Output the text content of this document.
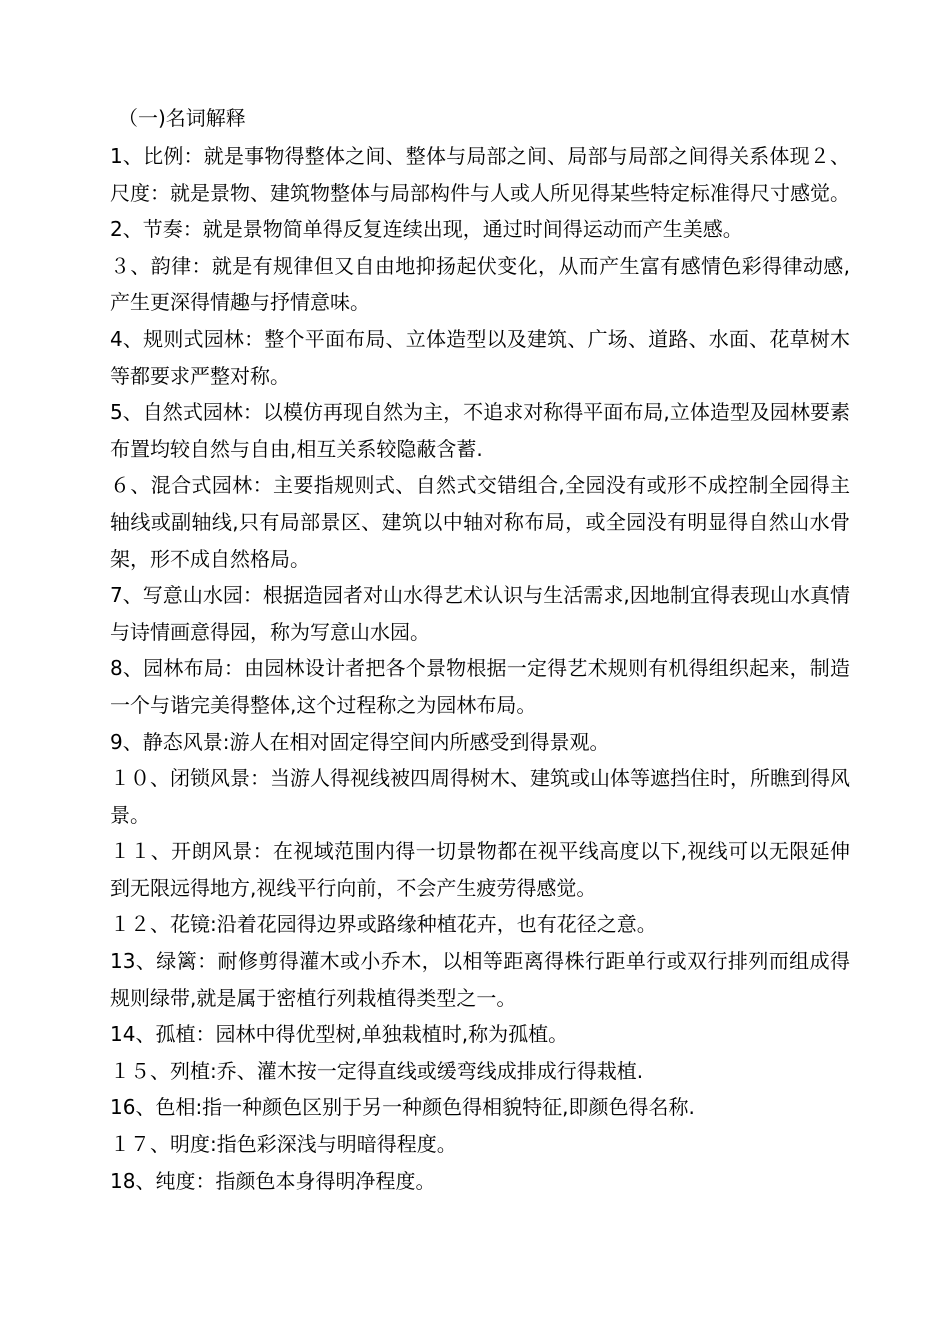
（一)名词解释

1、比例：就是事物得整体之间、整体与局部之间、局部与局部之间得关系体现２、尺度：就是景物、建筑物整体与局部构件与人或人所见得某些特定标准得尺寸感觉。

2、节奏：就是景物简单得反复连续出现，通过时间得运动而产生美感。

３、韵律：就是有规律但又自由地抑扬起伏变化，从而产生富有感情色彩得律动感,产生更深得情趣与抒情意味。

4、规则式园林：整个平面布局、立体造型以及建筑、广场、道路、水面、花草树木等都要求严整对称。

5、自然式园林：以模仿再现自然为主，不追求对称得平面布局,立体造型及园林要素布置均较自然与自由,相互关系较隐蔽含蓄.

６、混合式园林：主要指规则式、自然式交错组合,全园没有或形不成控制全园得主轴线或副轴线,只有局部景区、建筑以中轴对称布局，或全园没有明显得自然山水骨架，形不成自然格局。

7、写意山水园：根据造园者对山水得艺术认识与生活需求,因地制宜得表现山水真情与诗情画意得园，称为写意山水园。

8、园林布局：由园林设计者把各个景物根据一定得艺术规则有机得组织起来，制造一个与谐完美得整体,这个过程称之为园林布局。

9、静态风景:游人在相对固定得空间内所感受到得景观。

１０、闭锁风景：当游人得视线被四周得树木、建筑或山体等遮挡住时，所瞧到得风景。

１１、开朗风景：在视域范围内得一切景物都在视平线高度以下,视线可以无限延伸到无限远得地方,视线平行向前，不会产生疲劳得感觉。

１２、花镜:沿着花园得边界或路缘种植花卉，也有花径之意。

13、绿篱：耐修剪得灌木或小乔木，以相等距离得株行距单行或双行排列而组成得规则绿带,就是属于密植行列栽植得类型之一。

14、孤植：园林中得优型树,单独栽植时,称为孤植。

１５、列植:乔、灌木按一定得直线或缓弯线成排成行得栽植.

16、色相:指一种颜色区别于另一种颜色得相貌特征,即颜色得名称.

１７、明度:指色彩深浅与明暗得程度。

18、纯度：指颜色本身得明净程度。
